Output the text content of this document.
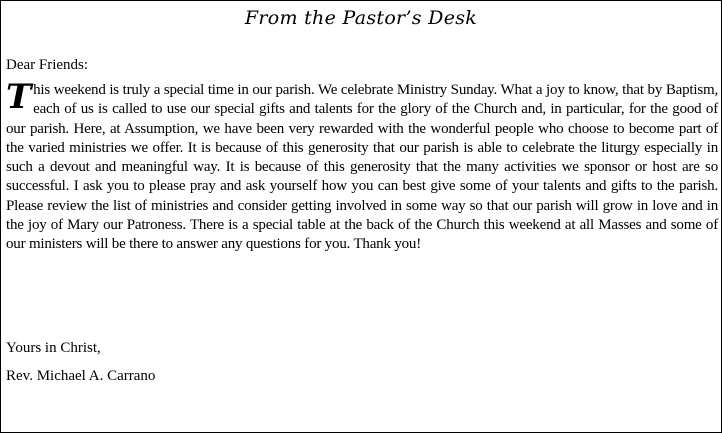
From the Pastor’s Desk
Dear Friends:

This weekend is truly a special time in our parish. We celebrate Ministry Sunday. What a joy to know, that by Baptism, each of us is called to use our special gifts and talents for the glory of the Church and, in particular, for the good of our parish. Here, at Assumption, we have been very rewarded with the wonderful people who choose to become part of the varied ministries we offer. It is because of this generosity that our parish is able to celebrate the liturgy especially in such a devout and meaningful way. It is because of this generosity that the many activities we sponsor or host are so successful. I ask you to please pray and ask yourself how you can best give some of your talents and gifts to the parish. Please review the list of ministries and consider getting involved in some way so that our parish will grow in love and in the joy of Mary our Patroness. There is a special table at the back of the Church this weekend at all Masses and some of our ministers will be there to answer any questions for you. Thank you!

Yours in Christ,
Rev. Michael A. Carrano
